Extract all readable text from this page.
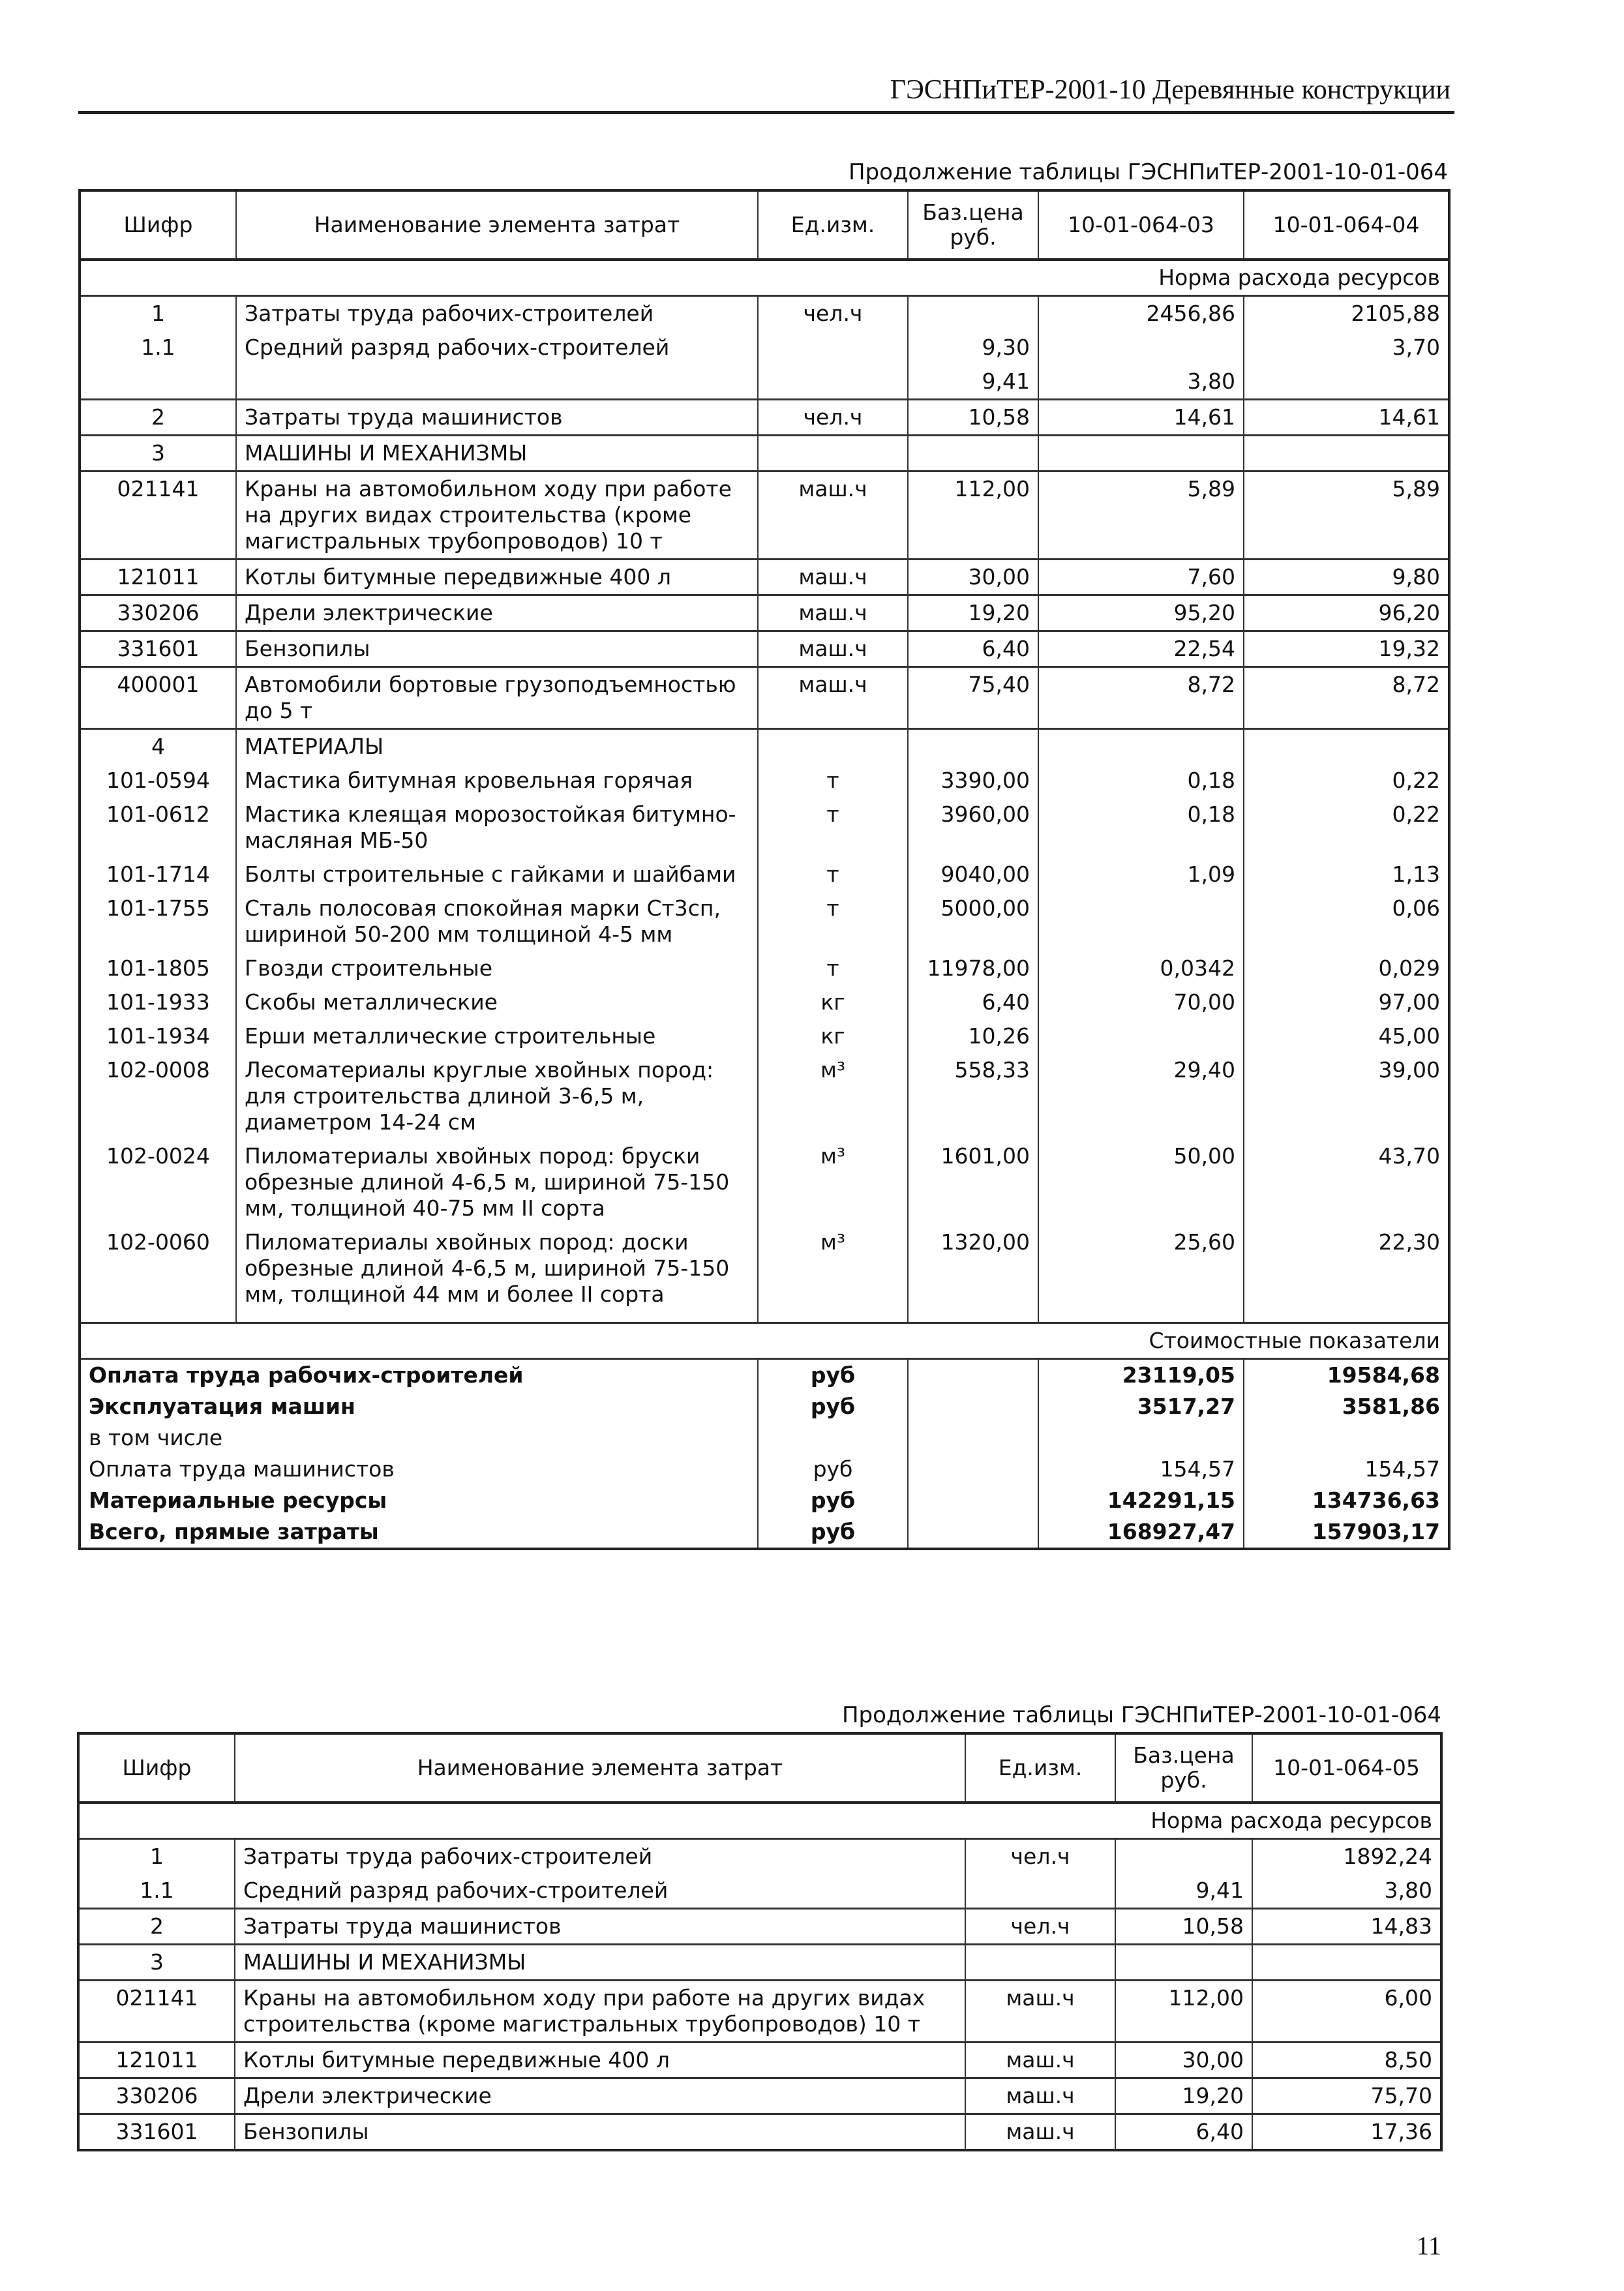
ГЭСНПиТЕР-2001-10 Деревянные конструкции
Продолжение таблицы ГЭСНПиТЕР-2001-10-01-064
Шифр	Наименование элемента затрат	Ед.изм.	Баз.цена руб.	10-01-064-03	10-01-064-04
Норма расхода ресурсов					
1	Затраты труда рабочих-строителей	чел.ч		2456,86	2105,88
1.1	Средний разряд рабочих-строителей		9,30		3,70
			9,41	3,80	
2	Затраты труда машинистов	чел.ч	10,58	14,61	14,61
3	МАШИНЫ И МЕХАНИЗМЫ				
021141	Краны на автомобильном ходу при работе на других видах строительства (кроме магистральных трубопроводов) 10 т	маш.ч	112,00	5,89	5,89
121011	Котлы битумные передвижные 400 л	маш.ч	30,00	7,60	9,80
330206	Дрели электрические	маш.ч	19,20	95,20	96,20
331601	Бензопилы	маш.ч	6,40	22,54	19,32
400001	Автомобили бортовые грузоподъемностью до 5 т	маш.ч	75,40	8,72	8,72
4	МАТЕРИАЛЫ				
101-0594	Мастика битумная кровельная горячая	т	3390,00	0,18	0,22
101-0612	Мастика клеящая морозостойкая битумно-масляная МБ-50	т	3960,00	0,18	0,22
101-1714	Болты строительные с гайками и шайбами	т	9040,00	1,09	1,13
101-1755	Сталь полосовая спокойная марки Ст3сп, шириной 50-200 мм толщиной 4-5 мм	т	5000,00		0,06
101-1805	Гвозди строительные	т	11978,00	0,0342	0,029
101-1933	Скобы металлические	кг	6,40	70,00	97,00
101-1934	Ерши металлические строительные	кг	10,26		45,00
102-0008	Лесоматериалы круглые хвойных пород: для строительства длиной 3-6,5 м, диаметром 14-24 см	м³	558,33	29,40	39,00
102-0024	Пиломатериалы хвойных пород: бруски обрезные длиной 4-6,5 м, шириной 75-150 мм, толщиной 40-75 мм II сорта	м³	1601,00	50,00	43,70
102-0060	Пиломатериалы хвойных пород: доски обрезные длиной 4-6,5 м, шириной 75-150 мм, толщиной 44 мм и более II сорта	м³	1320,00	25,60	22,30
Стоимостные показатели					
Оплата труда рабочих-строителей		руб		23119,05	19584,68
Эксплуатация машин		руб		3517,27	3581,86
в том числе					
Оплата труда машинистов		руб		154,57	154,57
Материальные ресурсы		руб		142291,15	134736,63
Всего, прямые затраты		руб		168927,47	157903,17
Продолжение таблицы ГЭСНПиТЕР-2001-10-01-064
Шифр	Наименование элемента затрат	Ед.изм.	Баз.цена руб.	10-01-064-05
Норма расхода ресурсов				
1	Затраты труда рабочих-строителей	чел.ч		1892,24
1.1	Средний разряд рабочих-строителей		9,41	3,80
2	Затраты труда машинистов	чел.ч	10,58	14,83
3	МАШИНЫ И МЕХАНИЗМЫ			
021141	Краны на автомобильном ходу при работе на других видах строительства (кроме магистральных трубопроводов) 10 т	маш.ч	112,00	6,00
121011	Котлы битумные передвижные 400 л	маш.ч	30,00	8,50
330206	Дрели электрические	маш.ч	19,20	75,70
331601	Бензопилы	маш.ч	6,40	17,36
11
